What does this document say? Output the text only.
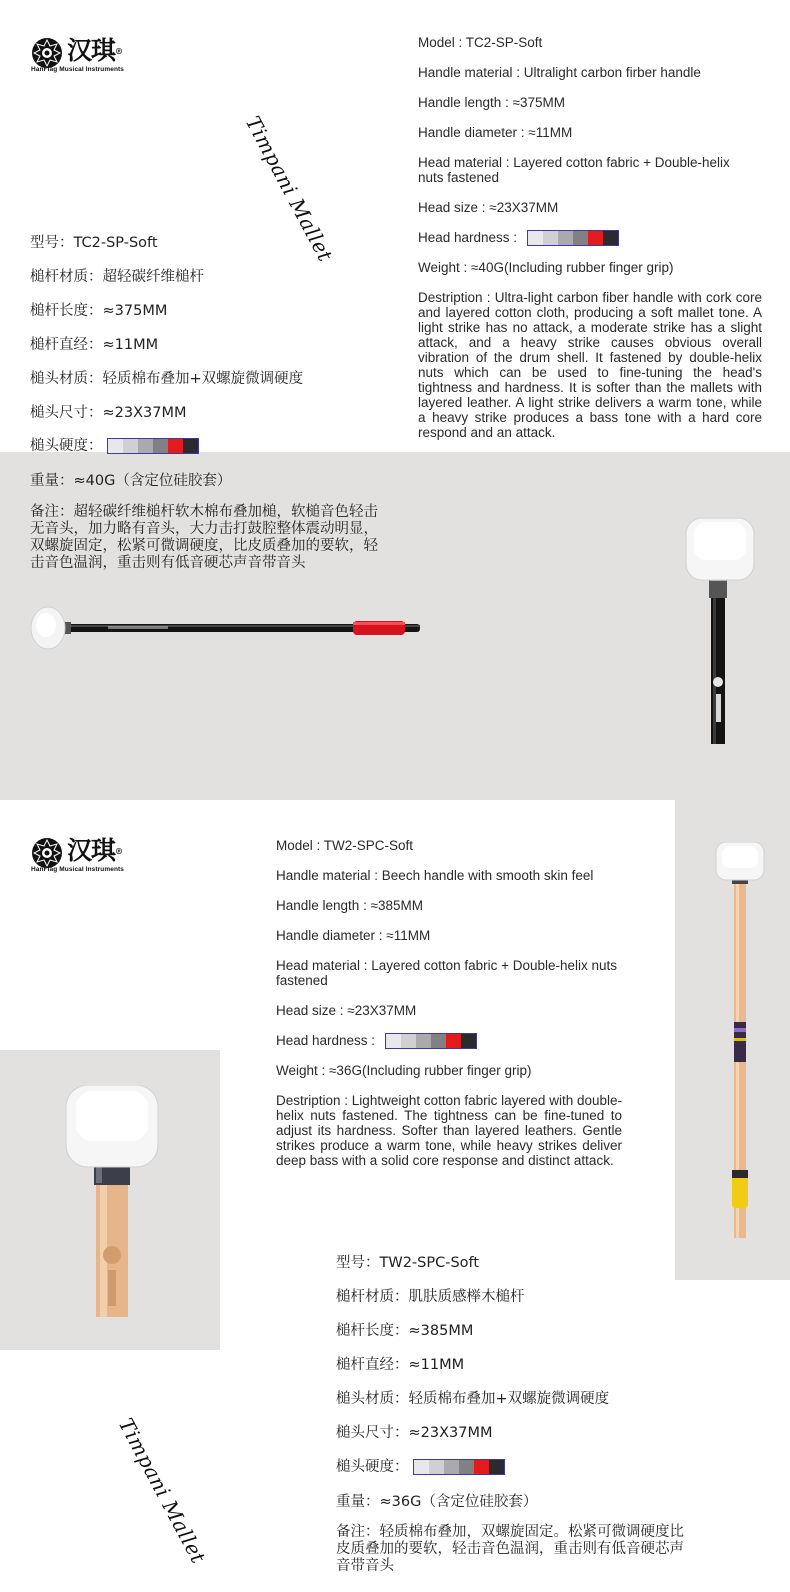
汉琪®
HanFlag Musical Instruments
Timpani Mallet
Model : TC2-SP-Soft
Handle material : Ultralight carbon firber handle
Handle length : ≈375MM
Handle diameter : ≈11MM
Head material : Layered cotton fabric + Double-helix nuts fastened
Head size : ≈23X37MM
Head hardness :
Weight : ≈40G(Including rubber finger grip)
Destription : Ultra-light carbon fiber handle with cork core and layered cotton cloth, producing a soft mallet tone. A light strike has no attack, a moderate strike has a slight attack, and a heavy strike causes obvious overall vibration of the drum shell. It fastened by double-helix nuts which can be used to fine-tuning the head's tightness and hardness. It is softer than the mallets with layered leather. A light strike delivers a warm tone, while a heavy strike produces a bass tone with a hard core respond and an attack.
型号：TC2-SP-Soft
槌杆材质：超轻碳纤维槌杆
槌杆长度：≈375MM
槌杆直经：≈11MM
槌头材质：轻质棉布叠加+双螺旋微调硬度
槌头尺寸：≈23X37MM
槌头硬度：
重量：≈40G（含定位硅胶套）
备注：超轻碳纤维槌杆软木棉布叠加槌，软槌音色轻击无音头，加力略有音头，大力击打鼓腔整体震动明显，双螺旋固定，松紧可微调硬度，比皮质叠加的要软，轻击音色温润，重击则有低音硬芯声音带音头
汉琪®
HanFlag Musical Instruments
Model : TW2-SPC-Soft
Handle material : Beech handle with smooth skin feel
Handle length : ≈385MM
Handle diameter : ≈11MM
Head material : Layered cotton fabric + Double-helix nuts fastened
Head size : ≈23X37MM
Head hardness :
Weight : ≈36G(Including rubber finger grip)
Destription : Lightweight cotton fabric layered with double-helix nuts fastened. The tightness can be fine-tuned to adjust its hardness. Softer than layered leathers. Gentle strikes produce a warm tone, while heavy strikes deliver deep bass with a solid core response and distinct attack.
型号：TW2-SPC-Soft
槌杆材质：肌肤质感榉木槌杆
槌杆长度：≈385MM
槌杆直经：≈11MM
槌头材质：轻质棉布叠加+双螺旋微调硬度
槌头尺寸：≈23X37MM
槌头硬度：
重量：≈36G（含定位硅胶套）
备注：轻质棉布叠加，双螺旋固定。松紧可微调硬度比皮质叠加的要软，轻击音色温润，重击则有低音硬芯声音带音头
Timpani Mallet
